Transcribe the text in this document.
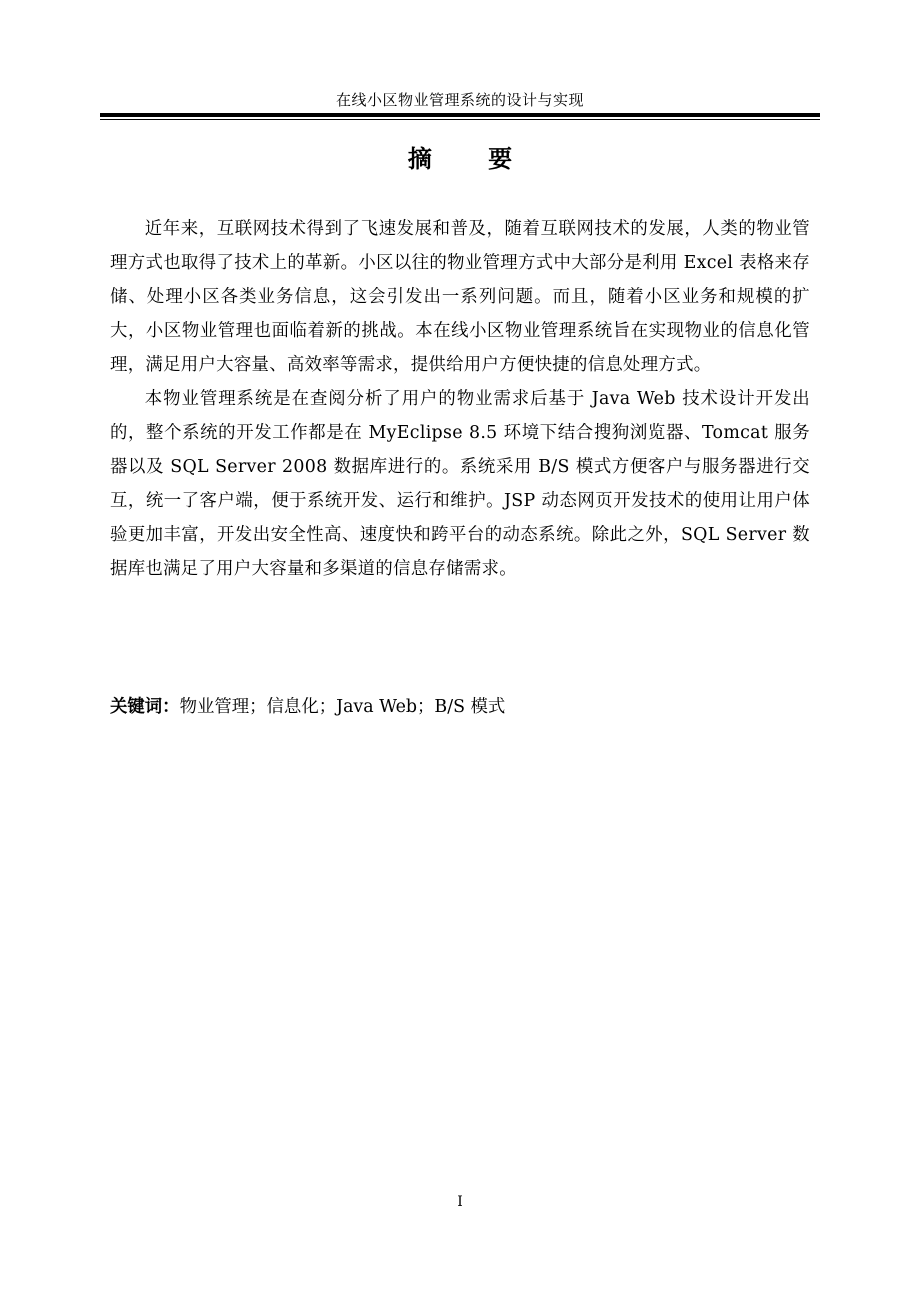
在线小区物业管理系统的设计与实现
摘 要

近年来，互联网技术得到了飞速发展和普及，随着互联网技术的发展，人类的物业管理方式也取得了技术上的革新。小区以往的物业管理方式中大部分是利用 Excel 表格来存储、处理小区各类业务信息，这会引发出一系列问题。而且，随着小区业务和规模的扩大，小区物业管理也面临着新的挑战。本在线小区物业管理系统旨在实现物业的信息化管理，满足用户大容量、高效率等需求，提供给用户方便快捷的信息处理方式。

本物业管理系统是在查阅分析了用户的物业需求后基于 Java Web 技术设计开发出的，整个系统的开发工作都是在 MyEclipse 8.5 环境下结合搜狗浏览器、Tomcat 服务器以及 SQL Server 2008 数据库进行的。系统采用 B/S 模式方便客户与服务器进行交互，统一了客户端，便于系统开发、运行和维护。JSP 动态网页开发技术的使用让用户体验更加丰富，开发出安全性高、速度快和跨平台的动态系统。除此之外，SQL Server 数据库也满足了用户大容量和多渠道的信息存储需求。

关键词：物业管理；信息化；Java Web；B/S 模式
I
